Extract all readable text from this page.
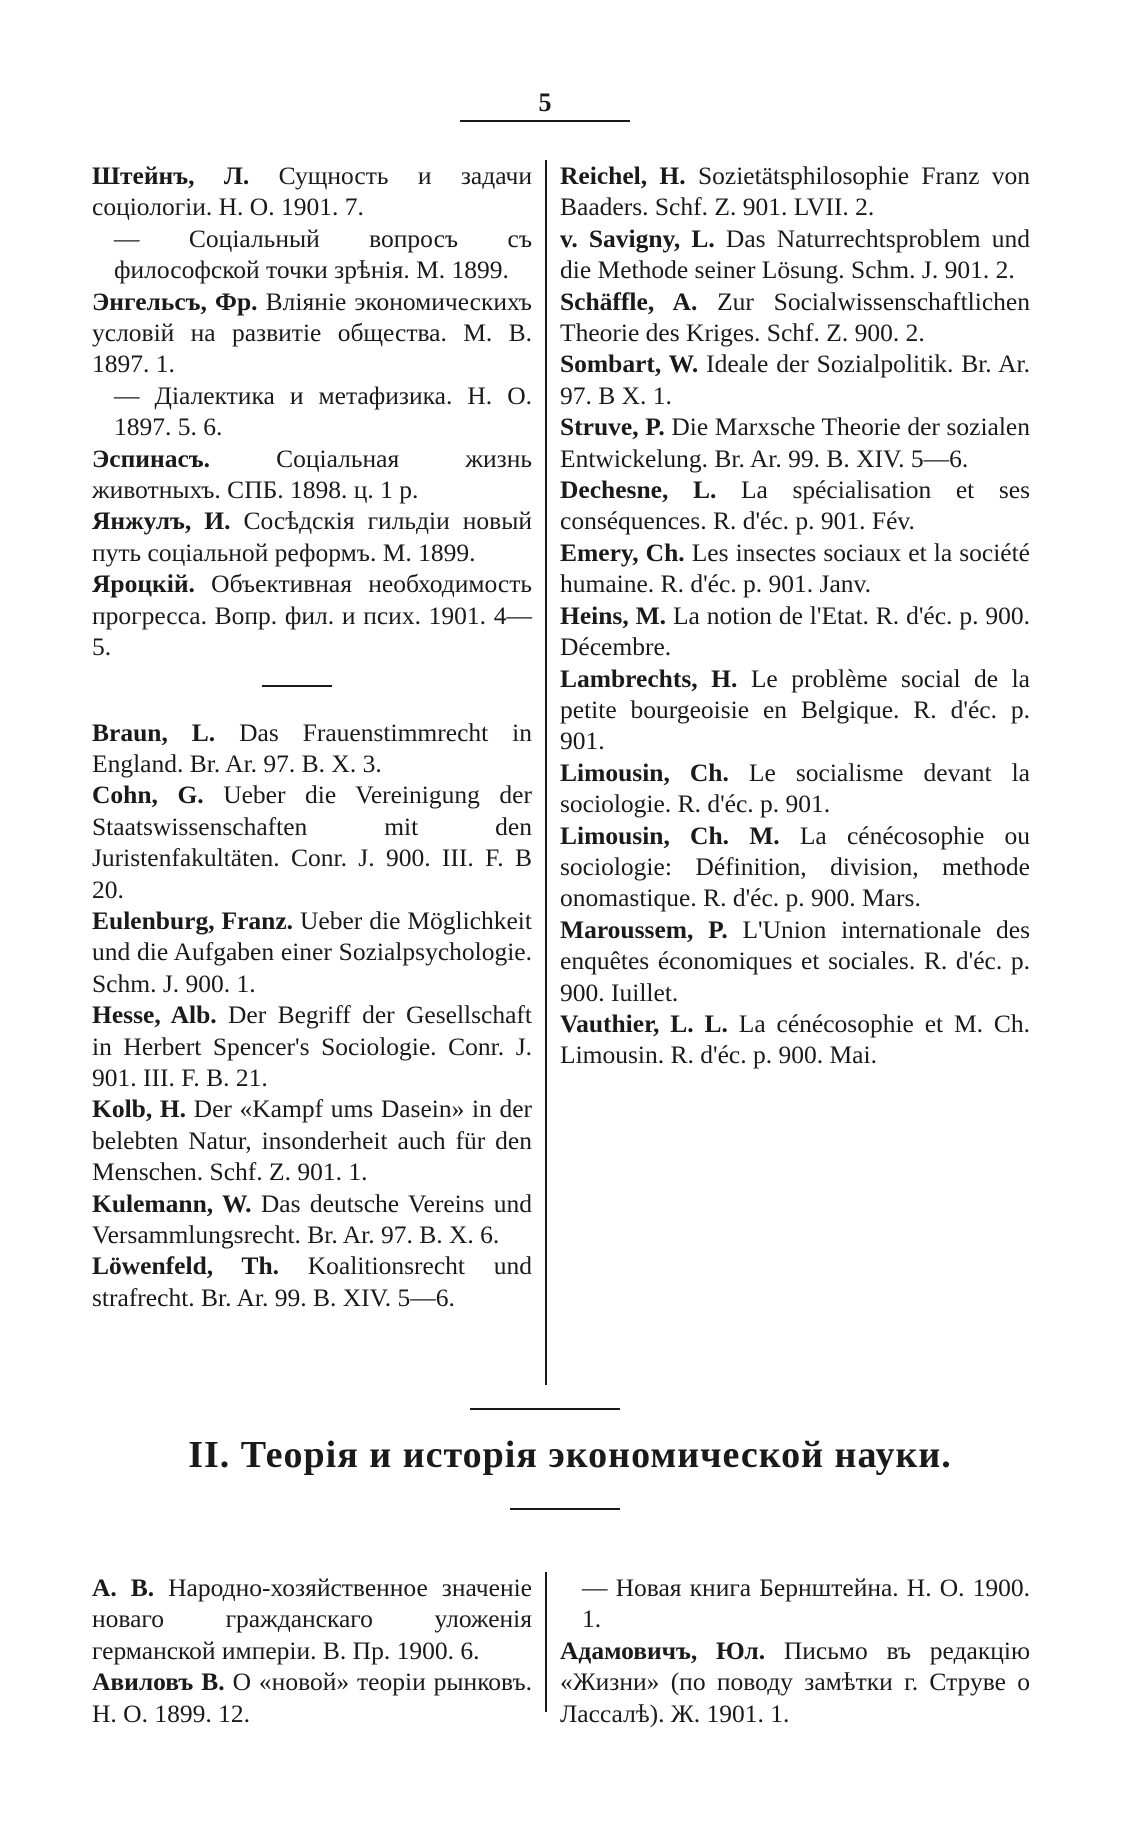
5

Штейнъ, Л. Сущность и задачи соціологіи. Н. О. 1901. 7.

— Соціальный вопросъ съ философской точки зрѣнія. М. 1899.

Энгельсъ, Фр. Вліяніе экономическихъ условій на развитіе общества. М. В. 1897. 1.

— Діалектика и метафизика. Н. О. 1897. 5. 6.

Эспинасъ. Соціальная жизнь животныхъ. СПБ. 1898. ц. 1 р.

Янжулъ, И. Сосѣдскія гильдіи новый путь соціальной реформъ. М. 1899.

Яроцкій. Объективная необходимость прогресса. Вопр. фил. и псих. 1901. 4—5.

Braun, L. Das Frauenstimmrecht in England. Br. Ar. 97. B. X. 3.

Cohn, G. Ueber die Vereinigung der Staatswissenschaften mit den Juristenfakultäten. Conr. J. 900. III. F. B 20.

Eulenburg, Franz. Ueber die Möglichkeit und die Aufgaben einer Sozialpsychologie. Schm. J. 900. 1.

Hesse, Alb. Der Begriff der Gesellschaft in Herbert Spencer's Sociologie. Conr. J. 901. III. F. B. 21.

Kolb, H. Der «Kampf ums Dasein» in der belebten Natur, insonderheit auch für den Menschen. Schf. Z. 901. 1.

Kulemann, W. Das deutsche Vereins und Versammlungsrecht. Br. Ar. 97. B. X. 6.

Löwenfeld, Th. Koalitionsrecht und strafrecht. Br. Ar. 99. B. XIV. 5—6.

Reichel, H. Sozietätsphilosophie Franz von Baaders. Schf. Z. 901. LVII. 2.

v. Savigny, L. Das Naturrechtsproblem und die Methode seiner Lösung. Schm. J. 901. 2.

Schäffle, A. Zur Socialwissenschaftlichen Theorie des Kriges. Schf. Z. 900. 2.

Sombart, W. Ideale der Sozialpolitik. Br. Ar. 97. B X. 1.

Struve, P. Die Marxsche Theorie der sozialen Entwickelung. Br. Ar. 99. B. XIV. 5—6.

Dechesne, L. La spécialisation et ses conséquences. R. d'éc. p. 901. Fév.

Emery, Ch. Les insectes sociaux et la société humaine. R. d'éc. p. 901. Janv.

Heins, M. La notion de l'Etat. R. d'éc. p. 900. Décembre.

Lambrechts, H. Le problème social de la petite bourgeoisie en Belgique. R. d'éc. p. 901.

Limousin, Ch. Le socialisme devant la sociologie. R. d'éc. p. 901.

Limousin, Ch. M. La cénécosophie ou sociologie: Définition, division, methode onomastique. R. d'éc. p. 900. Mars.

Maroussem, P. L'Union internationale des enquêtes économiques et sociales. R. d'éc. p. 900. Iuillet.

Vauthier, L. L. La cénécosophie et M. Ch. Limousin. R. d'éc. p. 900. Mai.

II. Теорія и исторія экономической науки.

А. В. Народно-хозяйственное значеніе новаго гражданскаго уложенія германской имперіи. В. Пр. 1900. 6.

Авиловъ В. О «новой» теоріи рынковъ. Н. О. 1899. 12.

— Новая книга Бернштейна. Н. О. 1900. 1.

Адамовичъ, Юл. Письмо въ редакцію «Жизни» (по поводу замѣтки г. Струве о Лассалѣ). Ж. 1901. 1.
